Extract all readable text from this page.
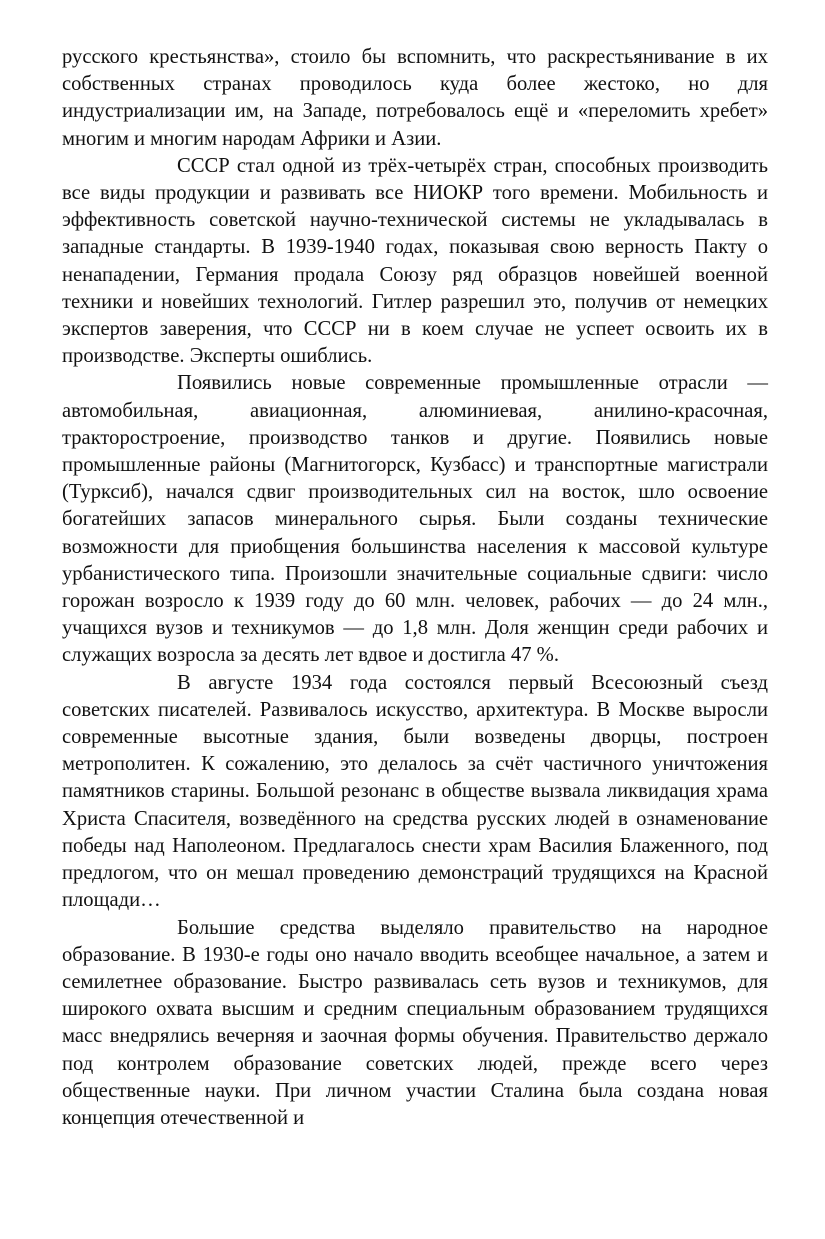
русского крестьянства», стоило бы вспомнить, что раскрестьянивание в их собственных странах проводилось куда более жестоко, но для индустриализации им, на Западе, потребовалось ещё и «переломить хребет» многим и многим народам Африки и Азии.

СССР стал одной из трёх-четырёх стран, способных производить все виды продукции и развивать все НИОКР того времени. Мобильность и эффективность советской научно-технической системы не укладывалась в западные стандарты. В 1939-1940 годах, показывая свою верность Пакту о ненападении, Германия продала Союзу ряд образцов новейшей военной техники и новейших технологий. Гитлер разрешил это, получив от немецких экспертов заверения, что СССР ни в коем случае не успеет освоить их в производстве. Эксперты ошиблись.

Появились новые современные промышленные отрасли — автомобильная, авиационная, алюминиевая, анилино-красочная, тракторостроение, производство танков и другие. Появились новые промышленные районы (Магнитогорск, Кузбасс) и транспортные магистрали (Турксиб), начался сдвиг производительных сил на восток, шло освоение богатейших запасов минерального сырья. Были созданы технические возможности для приобщения большинства населения к массовой культуре урбанистического типа. Произошли значительные социальные сдвиги: число горожан возросло к 1939 году до 60 млн. человек, рабочих — до 24 млн., учащихся вузов и техникумов — до 1,8 млн. Доля женщин среди рабочих и служащих возросла за десять лет вдвое и достигла 47 %.

В августе 1934 года состоялся первый Всесоюзный съезд советских писателей. Развивалось искусство, архитектура. В Москве выросли современные высотные здания, были возведены дворцы, построен метрополитен. К сожалению, это делалось за счёт частичного уничтожения памятников старины. Большой резонанс в обществе вызвала ликвидация храма Христа Спасителя, возведённого на средства русских людей в ознаменование победы над Наполеоном. Предлагалось снести храм Василия Блаженного, под предлогом, что он мешал проведению демонстраций трудящихся на Красной площади…

Большие средства выделяло правительство на народное образование. В 1930-е годы оно начало вводить всеобщее начальное, а затем и семилетнее образование. Быстро развивалась сеть вузов и техникумов, для широкого охвата высшим и средним специальным образованием трудящихся масс внедрялись вечерняя и заочная формы обучения. Правительство держало под контролем образование советских людей, прежде всего через общественные науки. При личном участии Сталина была создана новая концепция отечественной и
